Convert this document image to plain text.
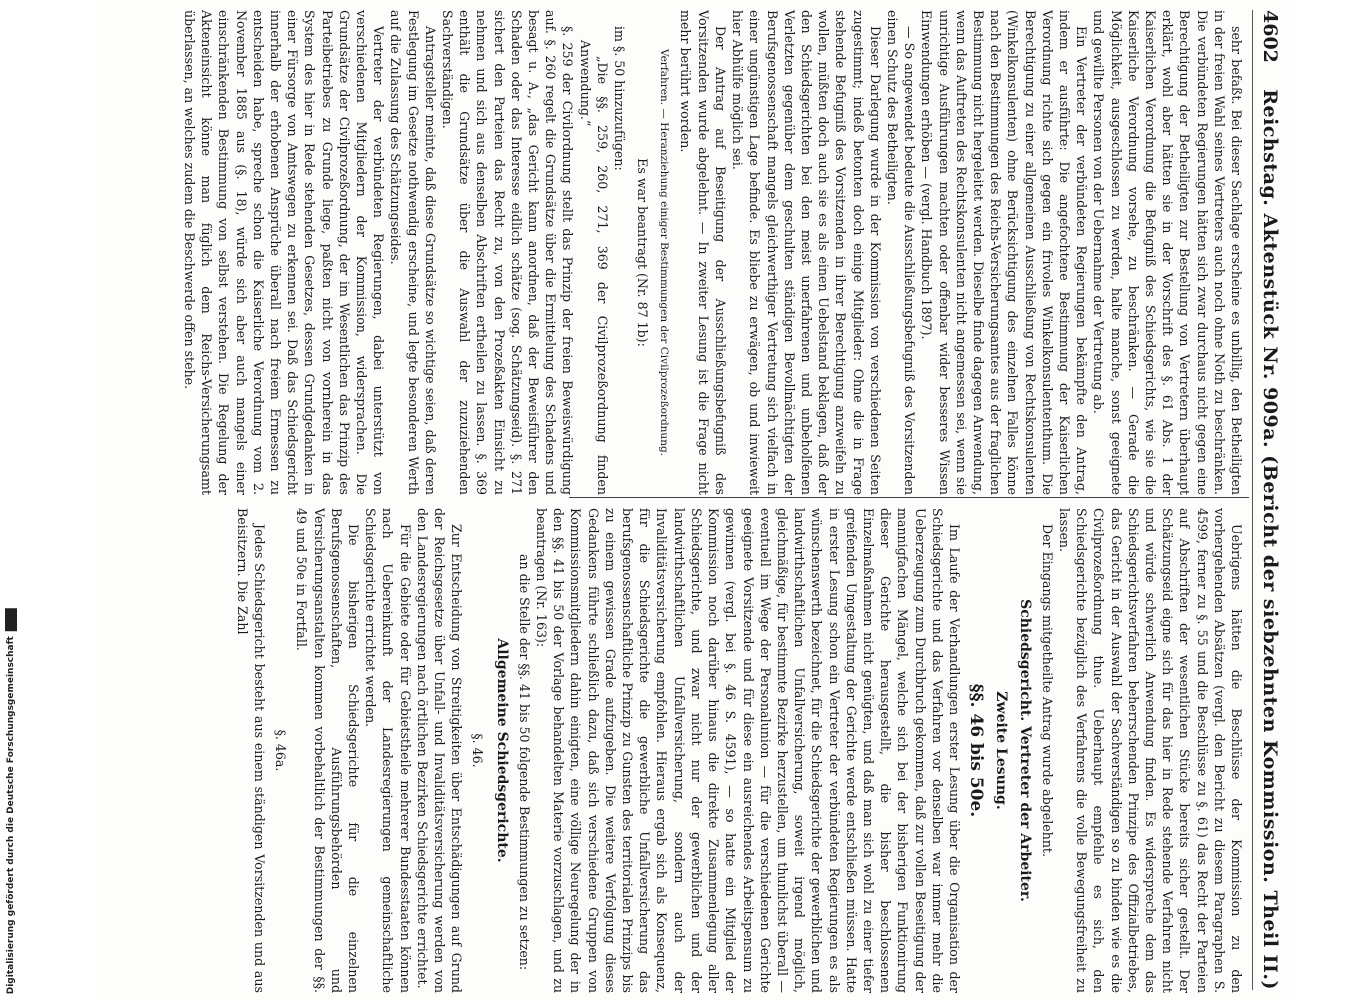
4602
Reichstag. Aktenstück Nr. 909a. (Bericht der siebzehnten Kommission. Theil II.)

sehr befaßt. Bei dieser Sachlage erscheine es unbillig, den Betheiligten in der freien Wahl seines Vertreters auch noch ohne Noth zu beschränken. Die verbündeten Regierungen hätten sich zwar durchaus nicht gegen eine Berechtigung der Betheiligten zur Bestellung von Vertretern überhaupt erklärt, wohl aber hätten sie in der Vorschrift des §. 61 Abs. 1 der Kaiserlichen Verordnung die Befugniß des Schiedsgerichts, wie sie die Kaiserliche Verordnung vorsehe, zu beschränken. — Gerade die Möglichkeit, ausgeschlossen zu werden, halte manche, sonst geeignete und gewillte Personen von der Uebernahme der Vertretung ab.

Ein Vertreter der verbündeten Regierungen bekämpfte den Antrag, indem er ausführte: Die angefochtene Bestimmung der Kaiserlichen Verordnung richte sich gegen ein frivoles Winkelkonsulententhum. Die Berechtigung zu einer allgemeinen Ausschließung von Rechtskonsulenten (Winkelkonsulenten) ohne Berücksichtigung des einzelnen Falles könne nach den Bestimmungen des Reichs-Versicherungsamtes aus der fraglichen Bestimmung nicht hergeleitet werden. Dieselbe finde dagegen Anwendung, wenn das Auftreten des Rechtskonsulenten nicht angemessen sei, wenn sie unrichtige Ausführungen machten oder offenbar wider besseres Wissen Einwendungen erhöben — (vergl. Handbuch 1897).

— So angewendet bedeute die Ausschließungsbefugniß des Vorsitzenden einen Schutz des Betheiligten.

Dieser Darlegung wurde in der Kommission von verschiedenen Seiten zugestimmt; indeß betonten doch einige Mitglieder: Ohne die in Frage stehende Befugniß des Vorsitzenden in ihrer Berechtigung anzweifeln zu wollen, müßten doch auch sie es als einen Uebelstand beklagen, daß der den Schiedsgerichten bei den meist unerfahrenen und unbeholfenen Verletzten gegenüber dem geschulten ständigen Bevollmächtigten der Berufsgenossenschaft mangels gleichwerthiger Vertretung sich vielfach in einer ungünstigen Lage befinde. Es bliebe zu erwägen, ob und inwieweit hier Abhülfe möglich sei.

Der Antrag auf Beseitigung der Ausschließungsbefugniß des Vorsitzenden wurde abgelehnt. — In zweiter Lesung ist die Frage nicht mehr berührt worden.

Verfahren. — Heranziehung einiger Bestimmungen der Civilprozeßordnung.

Es war beantragt (Nr. 87 1b):

im §. 50 hinzuzufügen:

„Die §§. 259, 260, 271, 369 der Civilprozeßordnung finden Anwendung.“

§. 259 der Civilordnung stellt das Prinzip der freien Beweiswürdigung auf. §. 260 regelt die Grundsätze über die Ermittelung des Schadens und besagt u. A., „das Gericht kann anordnen, daß der Beweisführer den Schaden oder das Interesse eidlich schätze (sog. Schätzungseid). §. 271 sichert den Parteien das Recht zu, von den Prozeßakten Einsicht zu nehmen und sich aus denselben Abschriften ertheilen zu lassen. §. 369 enthält die Grundsätze über die Auswahl der zuzuziehenden Sachverständigen.

Antragsteller meinte, daß diese Grundsätze so wichtige seien, daß deren Festlegung im Gesetze nothwendig erscheine, und legte besonderen Werth auf die Zulassung des Schätzungseides.

Vertreter der verbündeten Regierungen, dabei unterstützt von verschiedenen Mitgliedern der Kommission, widersprachen. Die Grundsätze der Civilprozeßordnung, der im Wesentlichen das Prinzip des Parteibetriebes zu Grunde liege, paßten nicht von vornherein in das System des hier in Rede stehenden Gesetzes, dessen Grundgedanken in einer Fürsorge von Amtswegen zu erkennen sei. Daß das Schiedsgericht innerhalb der erhobenen Ansprüche überall nach freiem Ermessen zu entscheiden habe, spreche schon die Kaiserliche Verordnung vom 2. November 1885 aus (§. 18), würde sich aber auch mangels einer einschränkenden Bestimmung von selbst verstehen. Die Regelung der Akteneinsicht könne man füglich dem Reichs-Versicherungsamt überlassen, an welches zudem die Beschwerde offen stehe.

Uebrigens hätten die Beschlüsse der Kommission zu den vorhergehenden Absätzen (vergl. den Bericht zu diesem Paragraphen S. 4599, ferner zu §. 55 und die Beschlüsse zu §. 61) das Recht der Parteien auf Abschriften der wesentlichen Stücke bereits sicher gestellt. Der Schätzungseid eigne sich für das hier in Rede stehende Verfahren nicht und würde schwerlich Anwendung finden. Es widerspreche dem das Schiedsgerichtsverfahren beherrschenden Prinzipe des Offizialbetriebes, das Gericht in der Auswahl der Sachverständigen so zu binden wie es die Civilprozeßordnung thue. Ueberhaupt empfehle es sich, den Schiedsgerichte bezüglich des Verfahrens die volle Bewegungsfreiheit zu lassen.

Der Eingangs mitgetheilte Antrag wurde abgelehnt.

Schiedsgericht. Vertreter der Arbeiter.

Zweite Lesung.

§§. 46 bis 50e.

Im Laufe der Verhandlungen erster Lesung über die Organisation der Schiedsgerichte und das Verfahren vor denselben war immer mehr die Ueberzeugung zum Durchbruch gekommen, daß zur vollen Beseitigung der mannigfachen Mängel, welche sich bei der bisherigen Funktionirung dieser Gerichte herausgestellt, die bisher beschlossenen Einzelmaßnahmen nicht genügten, und daß man sich wohl zu einer tiefer greifenden Umgestaltung der Gerichte werde entschließen müssen. Hatte in erster Lesung schon ein Vertreter der verbündeten Regierungen es als wünschenswerth bezeichnet, für die Schiedsgerichte der gewerblichen und landwirthschaftlichen Unfallversicherung, soweit irgend möglich, gleichmäßige, für bestimmte Bezirke herzustellen, um thunlichst überall — eventuell im Wege der Personalunion — für die verschiedenen Gerichte geeignete Vorsitzende und für diese ein ausreichendes Arbeitspensum zu gewinnen (vergl. bei §. 46 S. 4591), — so hatte ein Mitglied der Kommission noch darüber hinaus die direkte Zusammenlegung aller Schiedsgerichte, und zwar nicht nur der gewerblichen und der landwirthschaftlichen Unfallversicherung, sondern auch der Invaliditätsversicherung empfohlen. Hieraus ergab sich als Konsequenz, für die Schiedsgerichte die gewerbliche Unfallversicherung das berufsgenossenschaftliche Prinzip zu Gunsten des territorialen Prinzips bis zu einem gewissen Grade aufzugeben. Die weitere Verfolgung dieses Gedankens führte schließlich dazu, daß sich verschiedene Gruppen von Kommissionsmitgliedern dahin einigten, eine völlige Neuregelung der in den §§. 41 bis 50 der Vorlage behandelten Materie vorzuschlagen, und zu beantragen (Nr. 163):

an die Stelle der §§. 41 bis 50 folgende Bestimmungen zu setzen:

Allgemeine Schiedsgerichte.

§. 46.

Zur Entscheidung von Streitigkeiten über Entschädigungen auf Grund der Reichsgesetze über Unfall- und Invaliditätsversicherung werden von den Landesregierungen nach örtlichen Bezirken Schiedsgerichte errichtet.

Für die Gebiete oder für Gebietstheile mehrerer Bundesstaaten können nach Uebereinkunft der Landesregierungen gemeinschaftliche Schiedsgerichte errichtet werden.

Die bisherigen Schiedsgerichte für die einzelnen Berufsgenossenschaften, Ausführungsbehörden und Versicherungsanstalten kommen vorbehaltlich der Bestimmungen der §§. 49 und 50e in Fortfall.

§. 46a.

Jedes Schiedsgericht besteht aus einem ständigen Vorsitzenden und aus Beisitzern. Die Zahl

Digitalisierung gefördert durch die Deutsche Forschungsgemeinschaft DFG
